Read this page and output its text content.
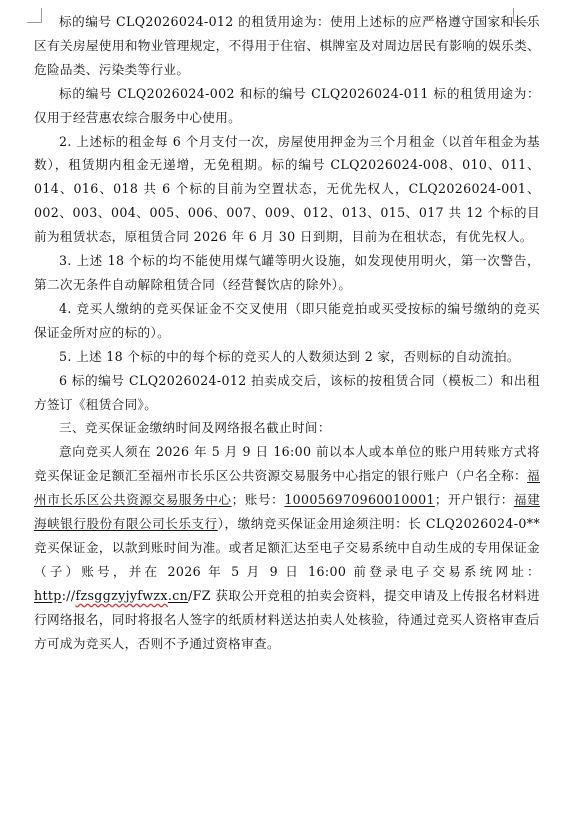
标的编号 CLQ2026024-012 的租赁用途为：使用上述标的应严格遵守国家和长乐区有关房屋使用和物业管理规定，不得用于住宿、棋牌室及对周边居民有影响的娱乐类、危险品类、污染类等行业。

标的编号 CLQ2026024-002 和标的编号 CLQ2026024-011 标的租赁用途为：仅用于经营惠农综合服务中心使用。

2. 上述标的租金每 6 个月支付一次，房屋使用押金为三个月租金（以首年租金为基数），租赁期内租金无递增，无免租期。标的编号 CLQ2026024-008、010、011、014、016、018 共 6 个标的目前为空置状态，无优先权人，CLQ2026024-001、002、003、004、005、006、007、009、012、013、015、017 共 12 个标的目前为租赁状态，原租赁合同 2026 年 6 月 30 日到期，目前为在租状态，有优先权人。

3. 上述 18 个标的均不能使用煤气罐等明火设施，如发现使用明火，第一次警告，第二次无条件自动解除租赁合同（经营餐饮店的除外）。

4. 竞买人缴纳的竞买保证金不交叉使用（即只能竞拍或买受按标的编号缴纳的竞买保证金所对应的标的）。

5. 上述 18 个标的中的每个标的竞买人的人数须达到 2 家，否则标的自动流拍。

6 标的编号 CLQ2026024-012 拍卖成交后，该标的按租赁合同（模板二）和出租方签订《租赁合同》。

三、竞买保证金缴纳时间及网络报名截止时间：

意向竞买人须在 2026 年 5 月 9 日 16:00 前以本人或本单位的账户用转账方式将竞买保证金足额汇至福州市长乐区公共资源交易服务中心指定的银行账户（户名全称：福州市长乐区公共资源交易服务中心；账号：100056970960010001；开户银行：福建海峡银行股份有限公司长乐支行），缴纳竞买保证金用途须注明：长 CLQ2026024-0**竞买保证金，以款到账时间为准。或者足额汇达至电子交易系统中自动生成的专用保证金（子）账号，并在 2026 年 5 月 9 日 16:00 前登录电子交易系统网址：http://fzsggzyjyfwzx.cn/FZ 获取公开竞租的拍卖会资料，提交申请及上传报名材料进行网络报名，同时将报名人签字的纸质材料送达拍卖人处核验，待通过竞买人资格审查后方可成为竞买人，否则不予通过资格审查。
